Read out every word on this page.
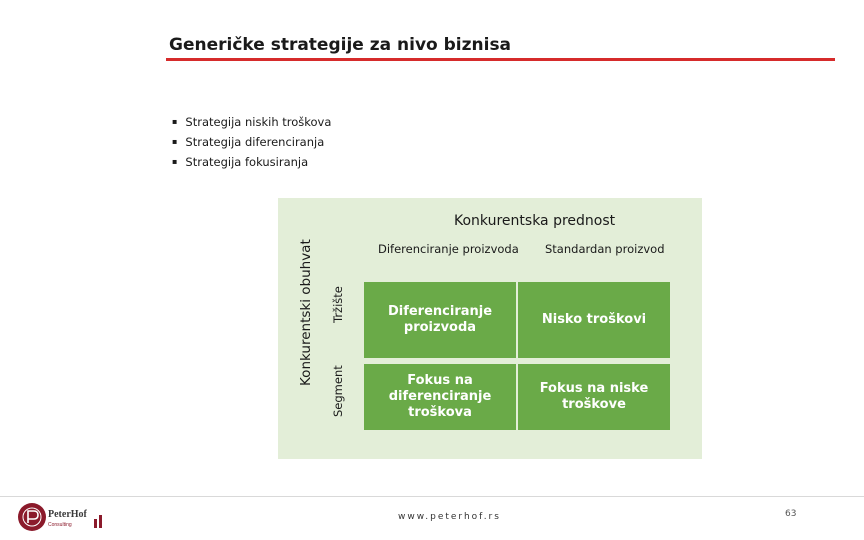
Generičke strategije za nivo biznisa
▪ Strategija niskih troškova
▪ Strategija diferenciranja
▪ Strategija fokusiranja
Konkurentska prednost
Diferenciranje proizvoda Standardan proizvod
Konkurentski obuhvat Tržište
Segment
Diferenciranje
proizvoda
Nisko troškovi
Fokus na
diferenciranje
troškova
Fokus na niske
troškove
PeterHof
Consulting
www.peterhof.rs	63
